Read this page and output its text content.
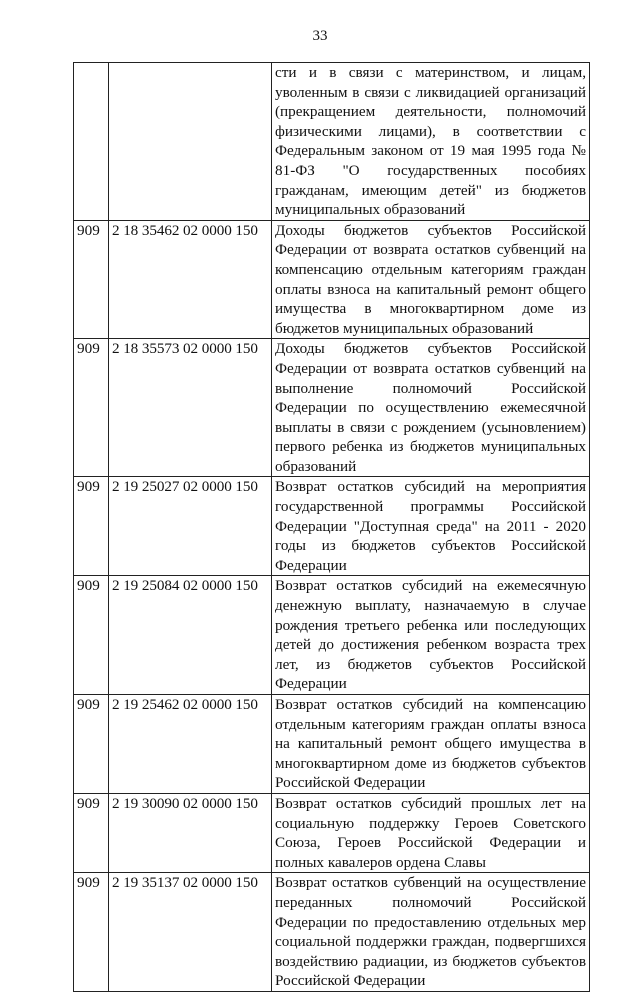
33
		сти и в связи с материнством, и лицам, уволенным в связи с ликвидацией организаций (прекращением деятельности, полномочий физическими лицами), в соответствии с Федеральным законом от 19 мая 1995 года № 81-ФЗ "О государственных пособиях гражданам, имеющим детей" из бюджетов муниципальных образований
909	2 18 35462 02 0000 150	Доходы бюджетов субъектов Российской Федерации от возврата остатков субвенций на компенсацию отдельным категориям граждан оплаты взноса на капитальный ремонт общего имущества в многоквартирном доме из бюджетов муниципальных образований
909	2 18 35573 02 0000 150	Доходы бюджетов субъектов Российской Федерации от возврата остатков субвенций на выполнение полномочий Российской Федерации по осуществлению ежемесячной выплаты в связи с рождением (усыновлением) первого ребенка из бюджетов муниципальных образований
909	2 19 25027 02 0000 150	Возврат остатков субсидий на мероприятия государственной программы Российской Федерации "Доступная среда" на 2011 - 2020 годы из бюджетов субъектов Российской Федерации
909	2 19 25084 02 0000 150	Возврат остатков субсидий на ежемесячную денежную выплату, назначаемую в случае рождения третьего ребенка или последующих детей до достижения ребенком возраста трех лет, из бюджетов субъектов Российской Федерации
909	2 19 25462 02 0000 150	Возврат остатков субсидий на компенсацию отдельным категориям граждан оплаты взноса на капитальный ремонт общего имущества в многоквартирном доме из бюджетов субъектов Российской Федерации
909	2 19 30090 02 0000 150	Возврат остатков субсидий прошлых лет на социальную поддержку Героев Советского Союза, Героев Российской Федерации и полных кавалеров ордена Славы
909	2 19 35137 02 0000 150	Возврат остатков субвенций на осуществление переданных полномочий Российской Федерации по предоставлению отдельных мер социальной поддержки граждан, подвергшихся воздействию радиации, из бюджетов субъектов Российской Федерации
